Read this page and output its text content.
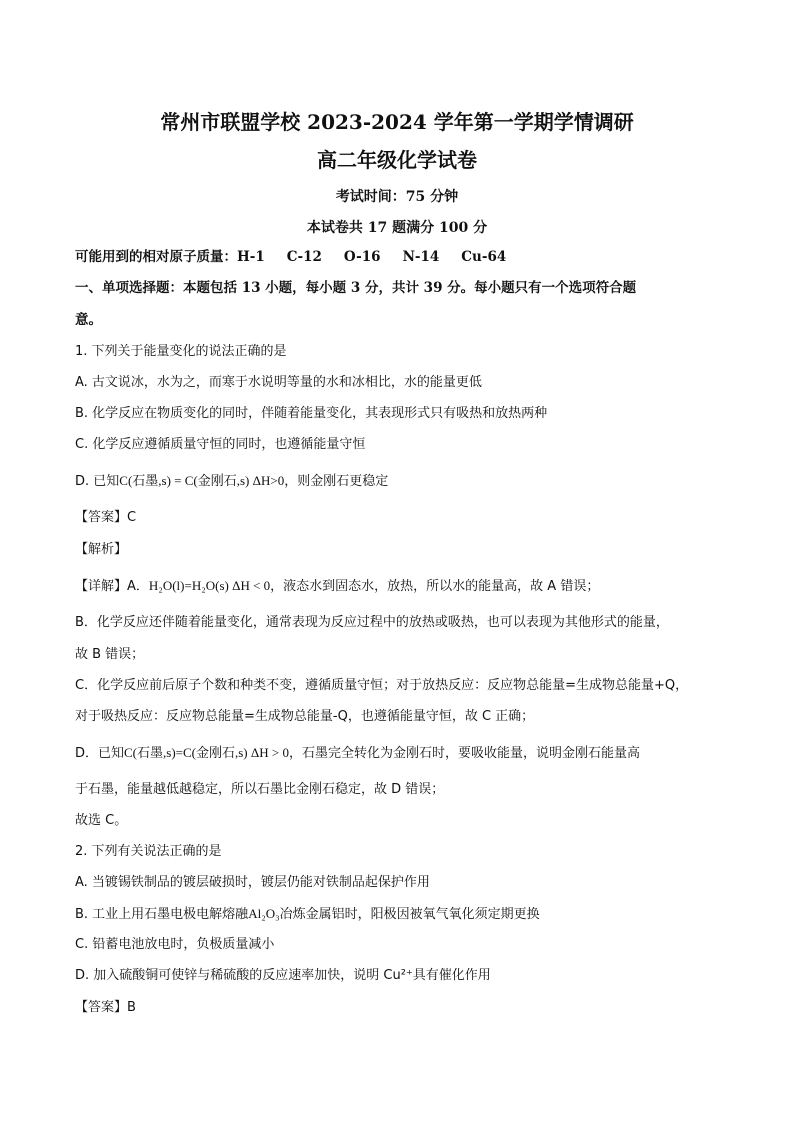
常州市联盟学校 2023-2024 学年第一学期学情调研
高二年级化学试卷
考试时间：75 分钟
本试卷共 17 题满分 100 分
可能用到的相对原子质量：H-1 C-12 O-16 N-14 Cu-64
一、单项选择题：本题包括 13 小题，每小题 3 分，共计 39 分。每小题只有一个选项符合题
意。
1. 下列关于能量变化的说法正确的是
A. 古文说冰，水为之，而寒于水说明等量的水和冰相比，水的能量更低
B. 化学反应在物质变化的同时，伴随着能量变化，其表现形式只有吸热和放热两种
C. 化学反应遵循质量守恒的同时，也遵循能量守恒
D. 已知C(石墨,s) = C(金刚石,s) ΔH>0，则金刚石更稳定
【答案】C
【解析】
【详解】A．H₂O(l)=H₂O(s) ΔH < 0，液态水到固态水，放热，所以水的能量高，故 A 错误；
B．化学反应还伴随着能量变化，通常表现为反应过程中的放热或吸热，也可以表现为其他形式的能量，
故 B 错误；
C．化学反应前后原子个数和种类不变，遵循质量守恒；对于放热反应：反应物总能量=生成物总能量+Q，
对于吸热反应：反应物总能量=生成物总能量-Q，也遵循能量守恒，故 C 正确；
D．已知C(石墨,s)=C(金刚石,s) ΔH > 0，石墨完全转化为金刚石时，要吸收能量，说明金刚石能量高
于石墨，能量越低越稳定，所以石墨比金刚石稳定，故 D 错误；
故选 C。
2. 下列有关说法正确的是
A. 当镀锡铁制品的镀层破损时，镀层仍能对铁制品起保护作用
B. 工业上用石墨电极电解熔融Al₂O₃冶炼金属铝时，阳极因被氧气氧化须定期更换
C. 铅蓄电池放电时，负极质量减小
D. 加入硫酸铜可使锌与稀硫酸的反应速率加快，说明 Cu²⁺具有催化作用
【答案】B
